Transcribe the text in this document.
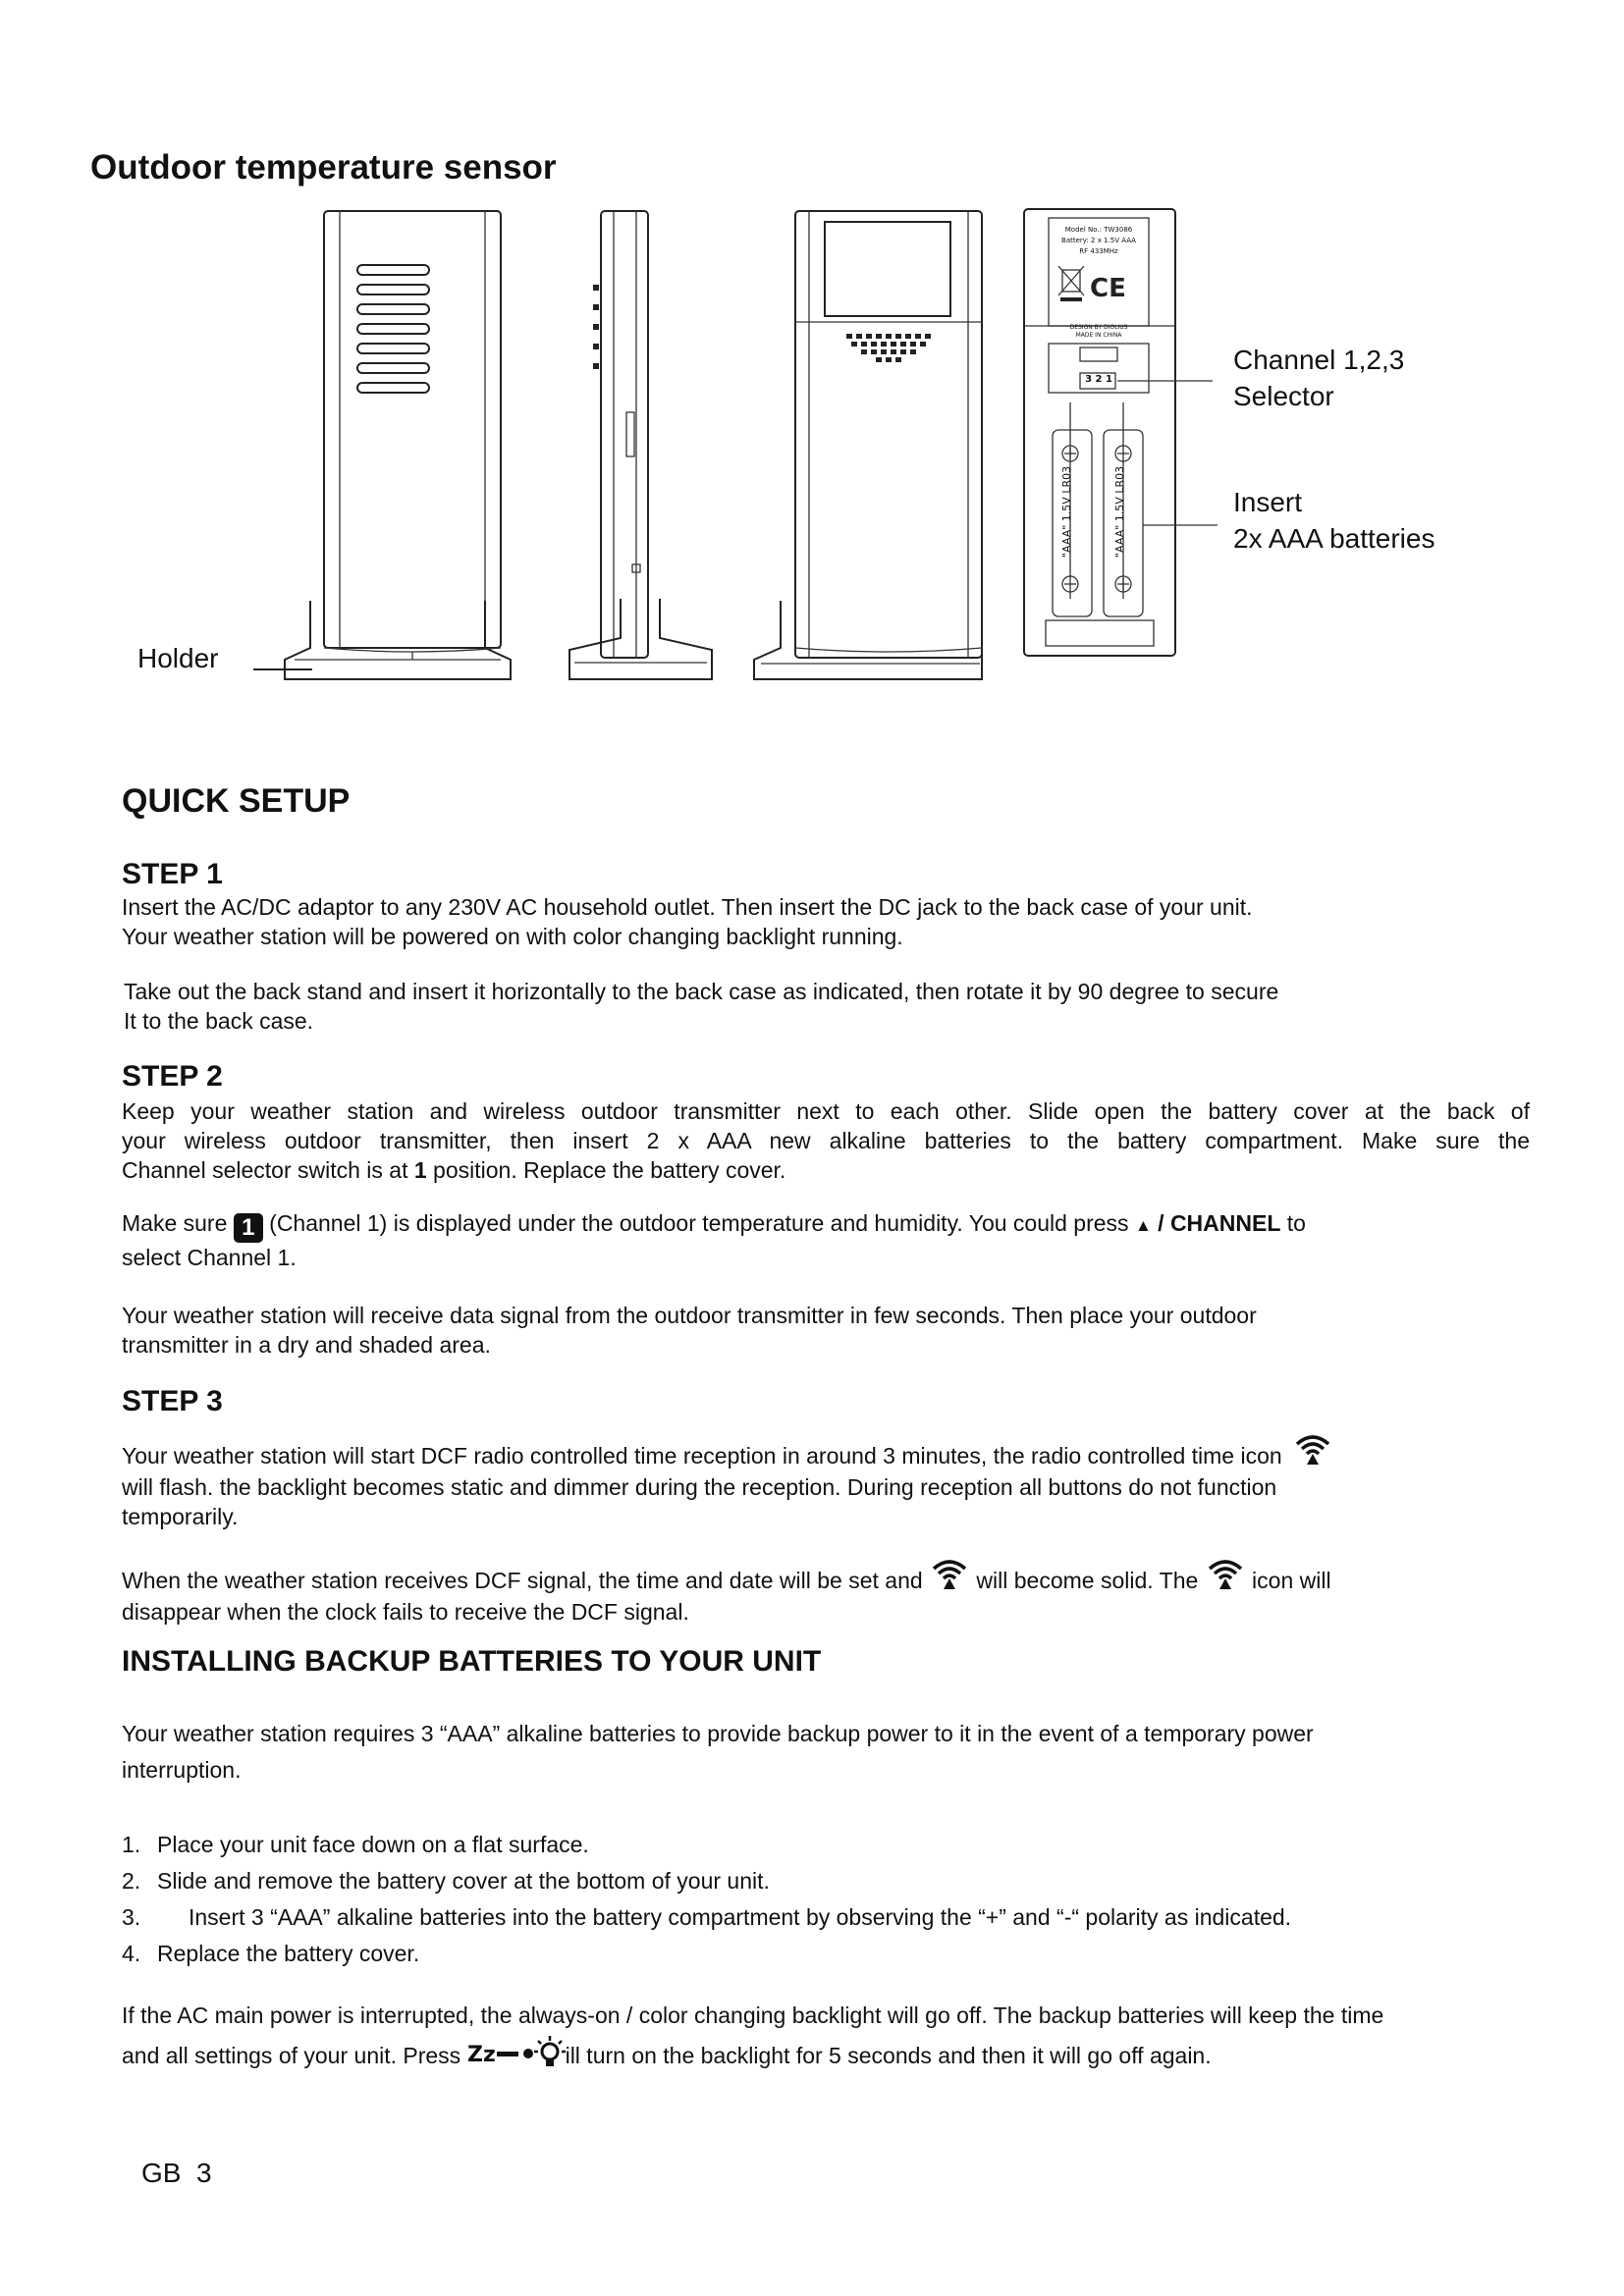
Outdoor temperature sensor
CE
Model No.: TW3086
Battery: 2 x 1.5V AAA
RF 433MHz
DESIGN BY DIOLIUS
MADE IN CHINA
3 2 1
"AAA" 1.5V LR03	"AAA" 1.5V LR03
Holder
Channel 1,2,3
Selector
Insert
2x AAA batteries
QUICK SETUP
STEP 1
Insert the AC/DC adaptor to any 230V AC household outlet. Then insert the DC jack to the back case of your unit.
Your weather station will be powered on with color changing backlight running.
Take out the back stand and insert it horizontally to the back case as indicated, then rotate it by 90 degree to secure
It to the back case.
STEP 2
Keep your weather station and wireless outdoor transmitter next to each other. Slide open the battery cover at the back of
your wireless outdoor transmitter, then insert 2 x AAA new alkaline batteries to the battery compartment. Make sure the
Channel selector switch is at 1 position. Replace the battery cover.
Make sure 1 (Channel 1) is displayed under the outdoor temperature and humidity. You could press ▲ / CHANNEL to
select Channel 1.
Your weather station will receive data signal from the outdoor transmitter in few seconds. Then place your outdoor
transmitter in a dry and shaded area.
STEP 3
Your weather station will start DCF radio controlled time reception in around 3 minutes, the radio controlled time icon
will flash. the backlight becomes static and dimmer during the reception. During reception all buttons do not function
temporarily.
When the weather station receives DCF signal, the time and date will be set and  will become solid. The  icon will
disappear when the clock fails to receive the DCF signal.
INSTALLING BACKUP BATTERIES TO YOUR UNIT
Your weather station requires 3 “AAA” alkaline batteries to provide backup power to it in the event of a temporary power
interruption.
1. Place your unit face down on a flat surface.
2. Slide and remove the battery cover at the bottom of your unit.
3.	Insert 3 “AAA” alkaline batteries into the battery compartment by observing the “+” and “-“ polarity as indicated.
4. Replace the battery cover.
If the AC main power is interrupted, the always-on / color changing backlight will go off. The backup batteries will keep the time
and all settings of your unit. Press Zz	ill turn on the backlight for 5 seconds and then it will go off again.
GB  3
